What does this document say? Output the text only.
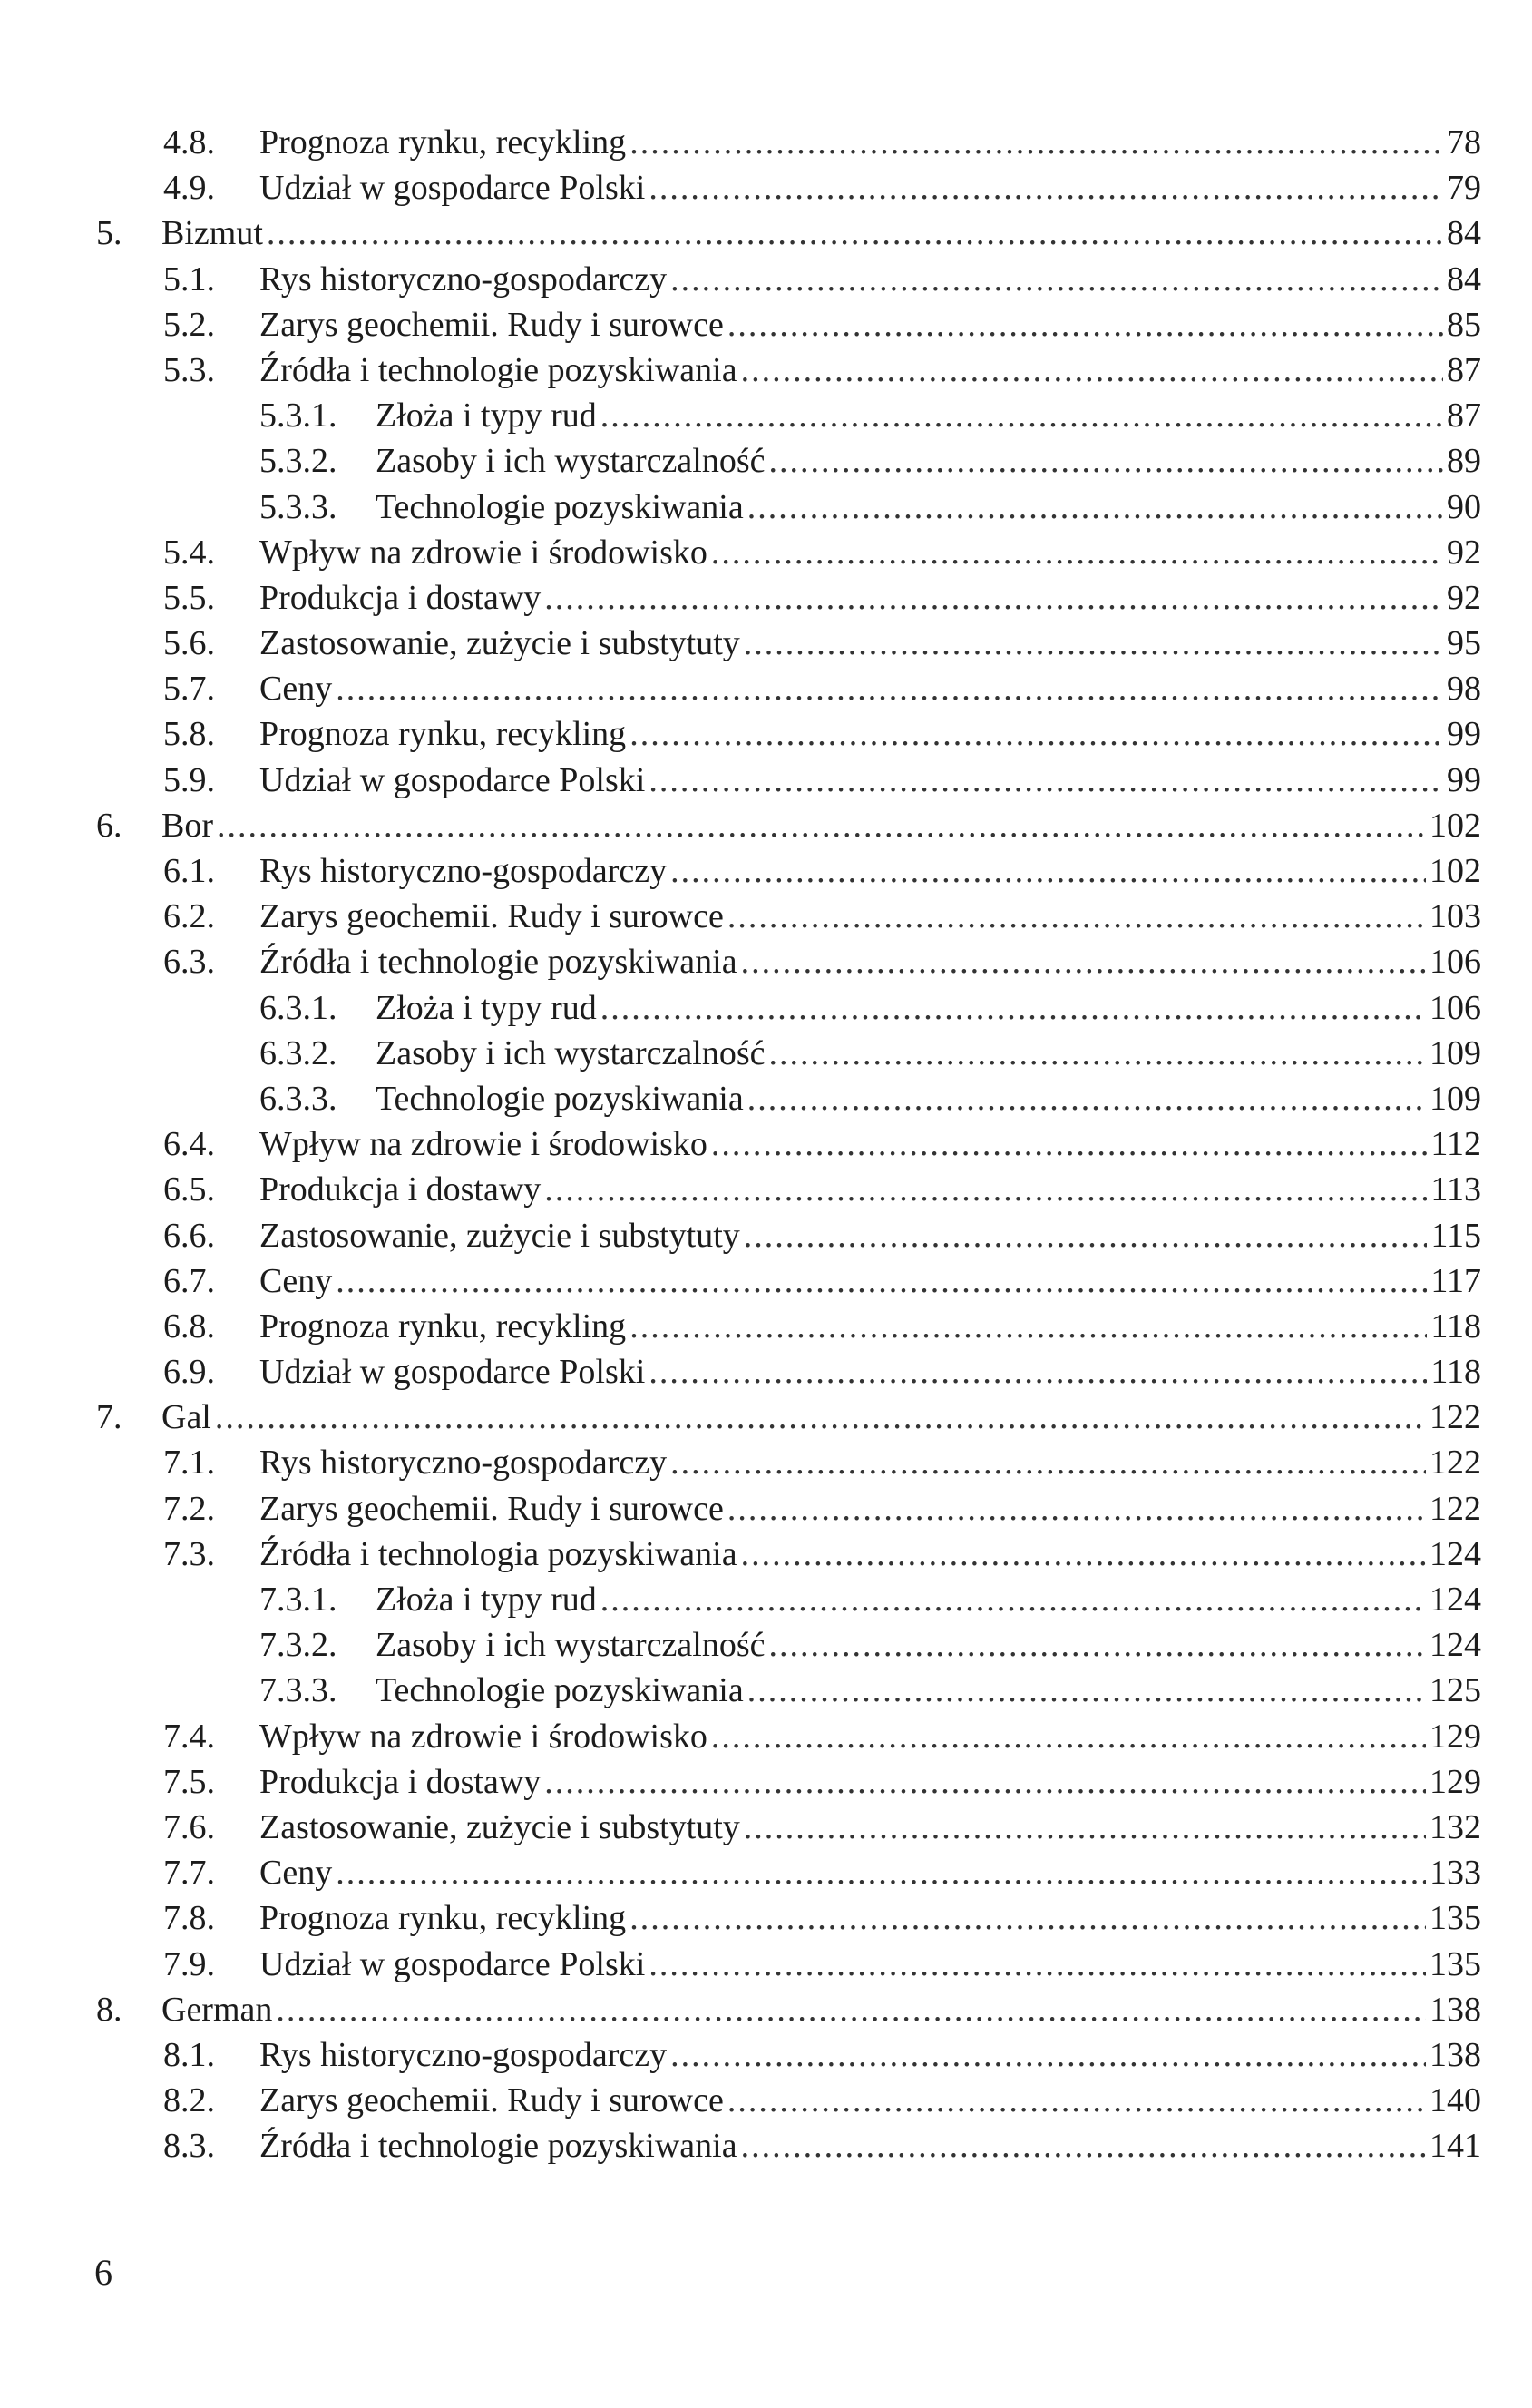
4.8. Prognoza rynku, recykling .....	78
4.9. Udział w gospodarce Polski .....	79
5. Bizmut .....	84
5.1. Rys historyczno-gospodarczy .....	84
5.2. Zarys geochemii. Rudy i surowce .....	85
5.3. Źródła i technologie pozyskiwania .....	87
5.3.1. Złoża i typy rud .....	87
5.3.2. Zasoby i ich wystarczalność .....	89
5.3.3. Technologie pozyskiwania .....	90
5.4. Wpływ na zdrowie i środowisko .....	92
5.5. Produkcja i dostawy .....	92
5.6. Zastosowanie, zużycie i substytuty .....	95
5.7. Ceny .....	98
5.8. Prognoza rynku, recykling .....	99
5.9. Udział w gospodarce Polski .....	99
6. Bor .....	102
6.1. Rys historyczno-gospodarczy .....	102
6.2. Zarys geochemii. Rudy i surowce .....	103
6.3. Źródła i technologie pozyskiwania .....	106
6.3.1. Złoża i typy rud .....	106
6.3.2. Zasoby i ich wystarczalność .....	109
6.3.3. Technologie pozyskiwania .....	109
6.4. Wpływ na zdrowie i środowisko .....	112
6.5. Produkcja i dostawy .....	113
6.6. Zastosowanie, zużycie i substytuty .....	115
6.7. Ceny .....	117
6.8. Prognoza rynku, recykling .....	118
6.9. Udział w gospodarce Polski .....	118
7. Gal .....	122
7.1. Rys historyczno-gospodarczy .....	122
7.2. Zarys geochemii. Rudy i surowce .....	122
7.3. Źródła i technologia pozyskiwania .....	124
7.3.1. Złoża i typy rud .....	124
7.3.2. Zasoby i ich wystarczalność .....	124
7.3.3. Technologie pozyskiwania .....	125
7.4. Wpływ na zdrowie i środowisko .....	129
7.5. Produkcja i dostawy .....	129
7.6. Zastosowanie, zużycie i substytuty .....	132
7.7. Ceny .....	133
7.8. Prognoza rynku, recykling .....	135
7.9. Udział w gospodarce Polski .....	135
8. German .....	138
8.1. Rys historyczno-gospodarczy .....	138
8.2. Zarys geochemii. Rudy i surowce .....	140
8.3. Źródła i technologie pozyskiwania .....	141
6
